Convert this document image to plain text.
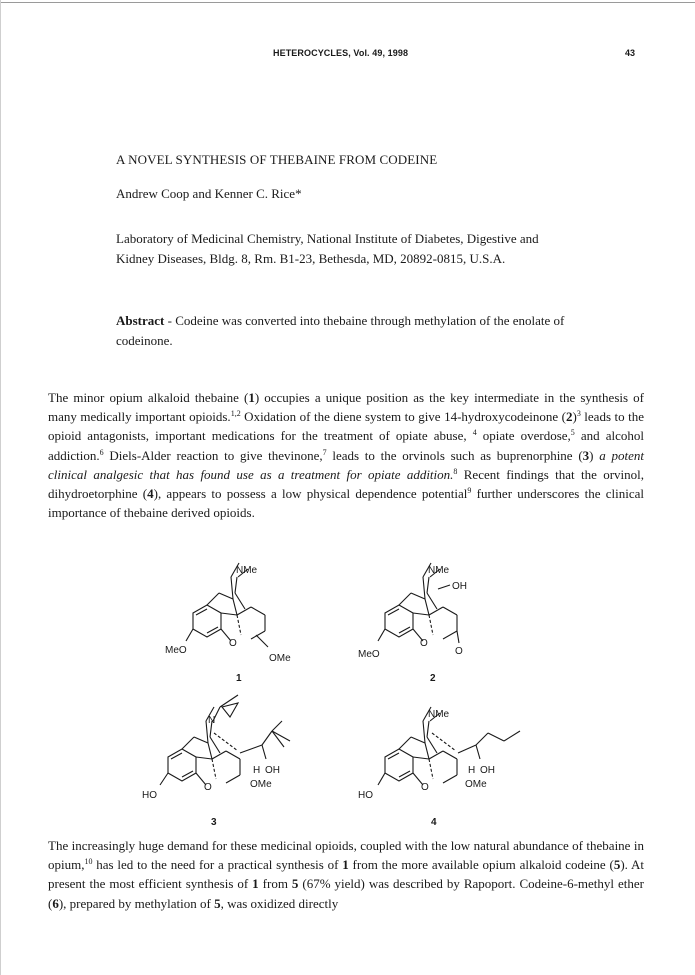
HETEROCYCLES, Vol. 49, 1998	43
A NOVEL SYNTHESIS OF THEBAINE FROM CODEINE
Andrew Coop and Kenner C. Rice*
Laboratory of Medicinal Chemistry, National Institute of Diabetes, Digestive and
Kidney Diseases, Bldg. 8, Rm. B1-23, Bethesda, MD, 20892-0815, U.S.A.
Abstract - Codeine was converted into thebaine through methylation of the enolate of codeinone.
The minor opium alkaloid thebaine (1) occupies a unique position as the key intermediate in the synthesis of many medically important opioids.$^{1,2}$ Oxidation of the diene system to give 14-hydroxycodeinone $(2)^3$ leads to the opioid antagonists, important medications for the treatment of opiate abuse, $^4$ opiate overdose,$^5$ and alcohol addiction.$^6$ Diels-Alder reaction to give thevinone,$^7$ leads to the orvinols such as buprenorphine (3) a potent clinical analgesic that has found use as a treatment for opiate addition.$^8$ Recent findings that the orvinol, dihydroetorphine (4), appears to possess a low physical dependence potential$^9$ further underscores the clinical importance of thebaine derived opioids.
NMe
O
MeO
OMe
1
NMe
OH
O
MeO	O
2
N
O
H OH
OMe
HO
3
NMe
O
H OH
OMe
HO
4
The increasingly huge demand for these medicinal opioids, coupled with the low natural abundance of thebaine in opium,$^{10}$ has led to the need for a practical synthesis of 1 from the more available opium alkaloid codeine (5). At present the most efficient synthesis of 1 from 5 (67% yield) was described by Rapoport. Codeine-6-methyl ether (6), prepared by methylation of 5, was oxidized directly
